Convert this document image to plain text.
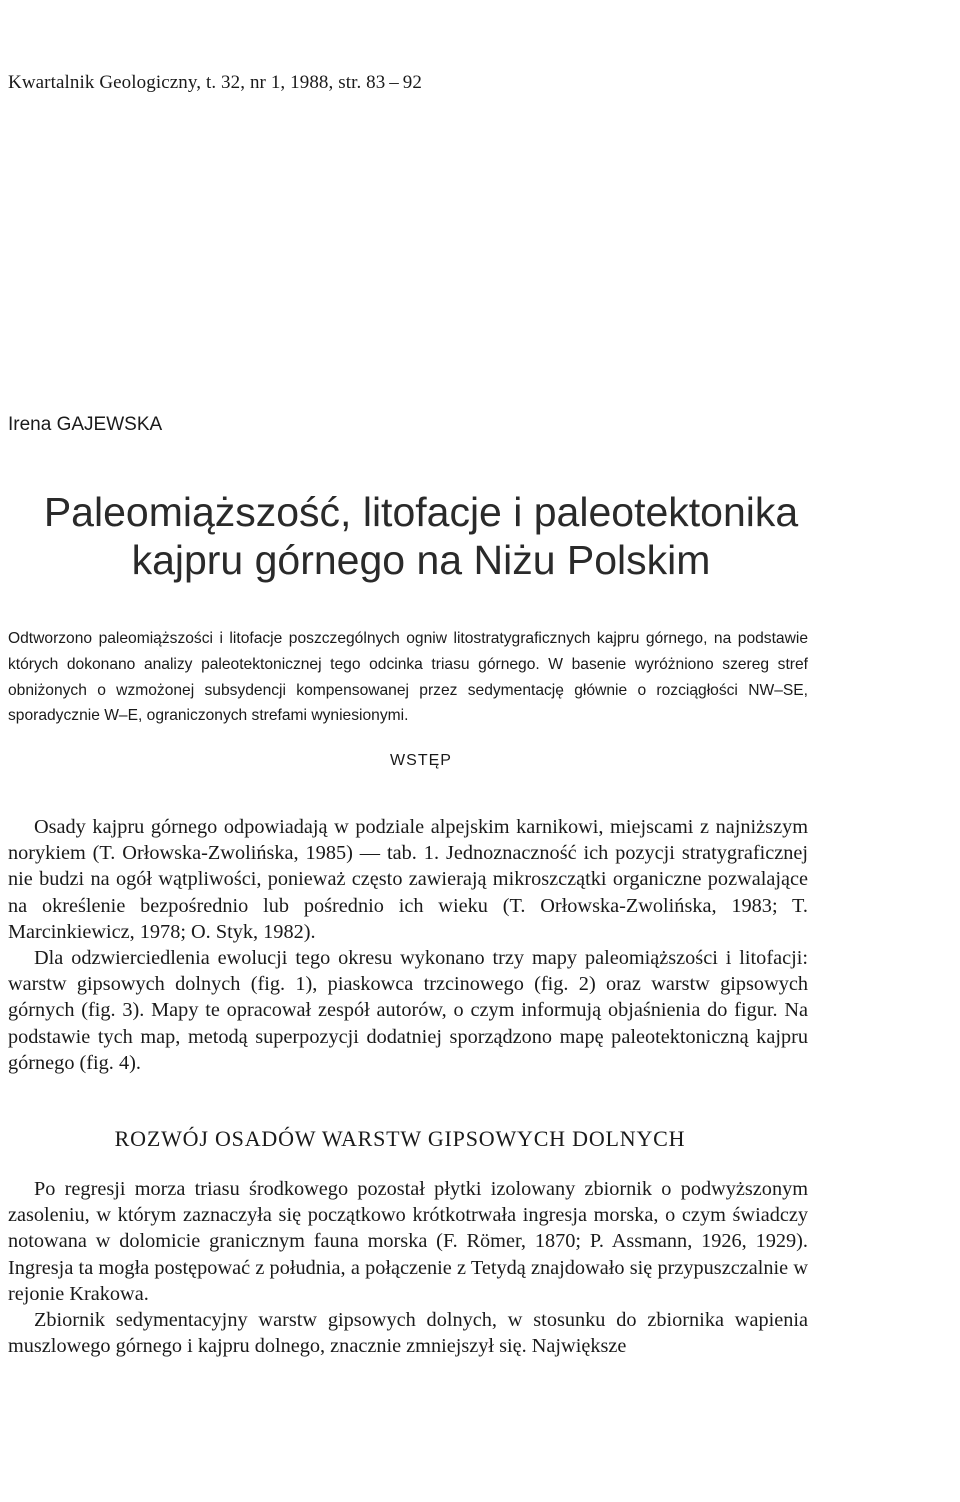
Kwartalnik Geologiczny, t. 32, nr 1, 1988, str. 83 – 92
Irena GAJEWSKA
Paleomiąższość, litofacje i paleotektonika kajpru górnego na Niżu Polskim
Odtworzono paleomiąższości i litofacje poszczególnych ogniw litostratygraficznych kajpru górnego, na podstawie których dokonano analizy paleotektonicznej tego odcinka triasu górnego. W basenie wyróżniono szereg stref obniżonych o wzmożonej subsydencji kompensowanej przez sedymentację głównie o rozciągłości NW–SE, sporadycznie W–E, ograniczonych strefami wyniesionymi.
WSTĘP

Osady kajpru górnego odpowiadają w podziale alpejskim karnikowi, miejscami z najniższym norykiem (T. Orłowska-Zwolińska, 1985) — tab. 1. Jednoznaczność ich pozycji stratygraficznej nie budzi na ogół wątpliwości, ponieważ często zawierają mikroszczątki organiczne pozwalające na określenie bezpośrednio lub pośrednio ich wieku (T. Orłowska-Zwolińska, 1983; T. Marcinkiewicz, 1978; O. Styk, 1982).

Dla odzwierciedlenia ewolucji tego okresu wykonano trzy mapy paleomiąższości i litofacji: warstw gipsowych dolnych (fig. 1), piaskowca trzcinowego (fig. 2) oraz warstw gipsowych górnych (fig. 3). Mapy te opracował zespół autorów, o czym informują objaśnienia do figur. Na podstawie tych map, metodą superpozycji dodatniej sporządzono mapę paleotektoniczną kajpru górnego (fig. 4).

ROZWÓJ OSADÓW WARSTW GIPSOWYCH DOLNYCH

Po regresji morza triasu środkowego pozostał płytki izolowany zbiornik o podwyższonym zasoleniu, w którym zaznaczyła się początkowo krótkotrwała ingresja morska, o czym świadczy notowana w dolomicie granicznym fauna morska (F. Römer, 1870; P. Assmann, 1926, 1929). Ingresja ta mogła postępować z południa, a połączenie z Tetydą znajdowało się przypuszczalnie w rejonie Krakowa.

Zbiornik sedymentacyjny warstw gipsowych dolnych, w stosunku do zbiornika wapienia muszlowego górnego i kajpru dolnego, znacznie zmniejszył się. Największe
